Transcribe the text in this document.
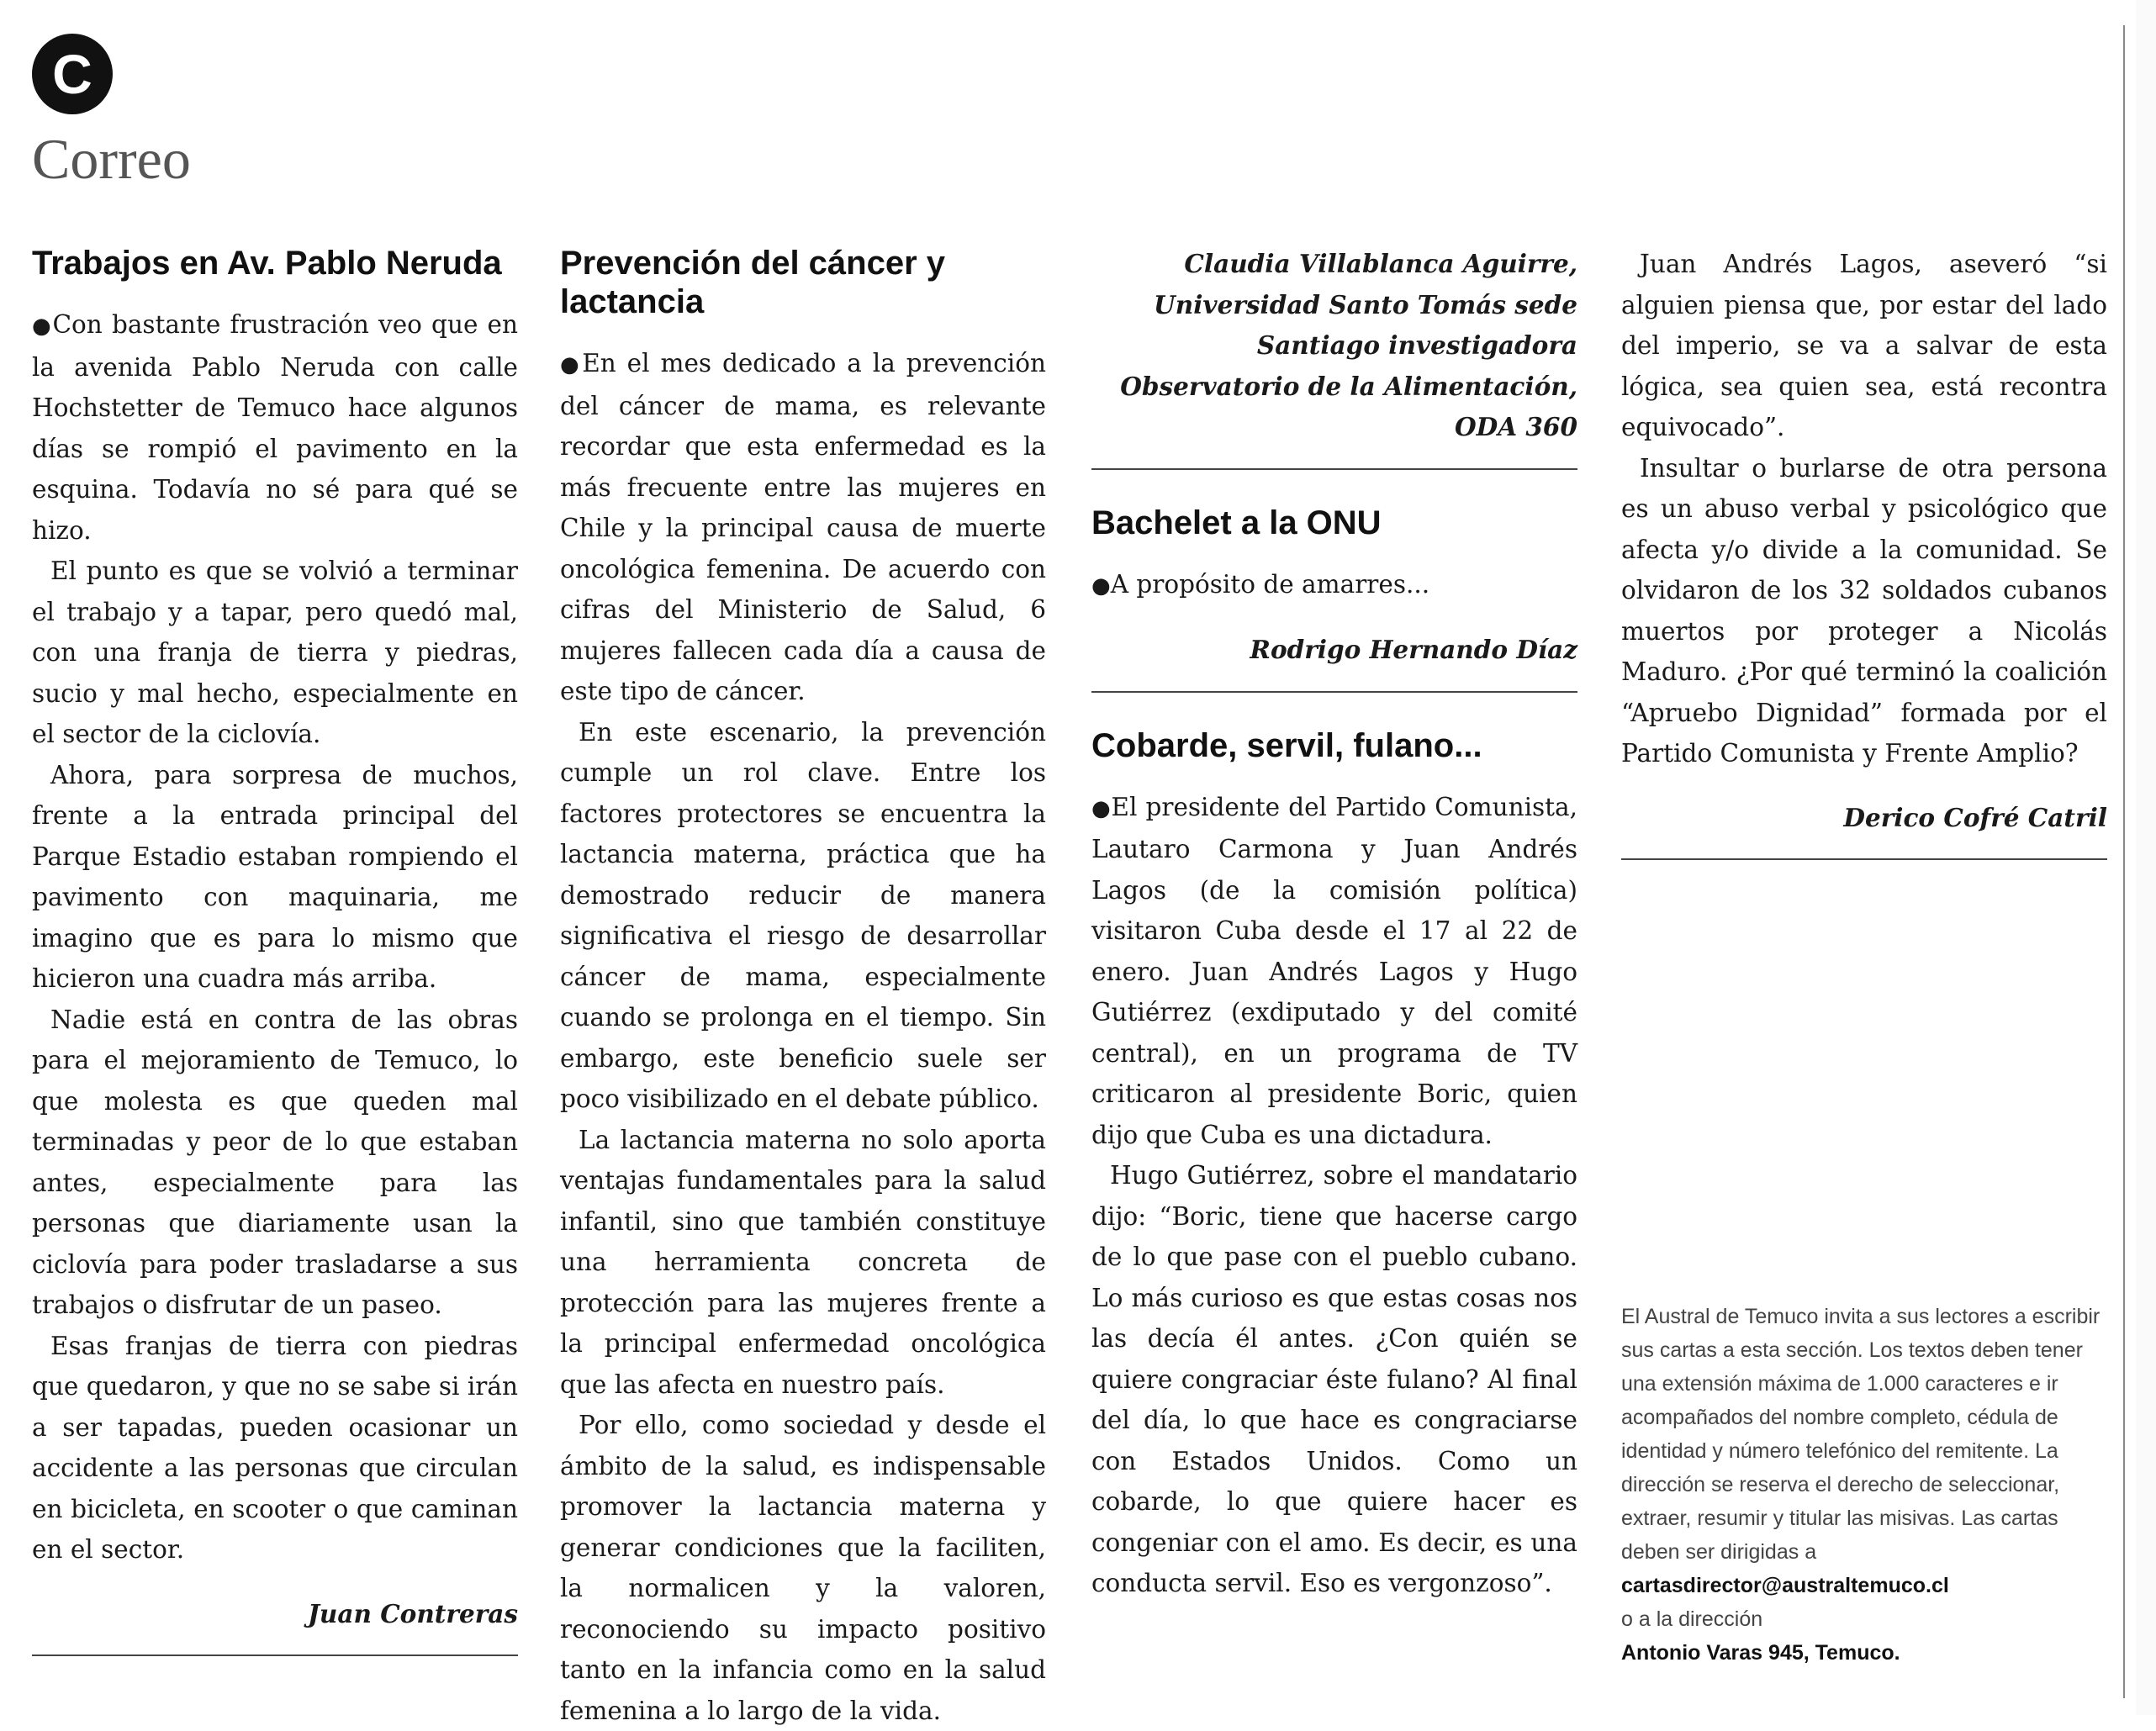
C
Correo
Trabajos en Av. Pablo Neruda

●Con bastante frustración veo que en la avenida Pablo Neruda con calle Hochstetter de Temuco hace algunos días se rompió el pavimento en la esquina. Todavía no sé para qué se hizo.

El punto es que se volvió a terminar el trabajo y a tapar, pero quedó mal, con una franja de tierra y piedras, sucio y mal hecho, especialmente en el sector de la ciclovía.

Ahora, para sorpresa de muchos, frente a la entrada principal del Parque Estadio estaban rompiendo el pavimento con maquinaria, me imagino que es para lo mismo que hicieron una cuadra más arriba.

Nadie está en contra de las obras para el mejoramiento de Temuco, lo que molesta es que queden mal terminadas y peor de lo que estaban antes, especialmente para las personas que diariamente usan la ciclovía para poder trasladarse a sus trabajos o disfrutar de un paseo.

Esas franjas de tierra con piedras que quedaron, y que no se sabe si irán a ser tapadas, pueden ocasionar un accidente a las personas que circulan en bicicleta, en scooter o que caminan en el sector.

Juan Contreras

Prevención del cáncer y lactancia

●En el mes dedicado a la prevención del cáncer de mama, es relevante recordar que esta enfermedad es la más frecuente entre las mujeres en Chile y la principal causa de muerte oncológica femenina. De acuerdo con cifras del Ministerio de Salud, 6 mujeres fallecen cada día a causa de este tipo de cáncer.

En este escenario, la prevención cumple un rol clave. Entre los factores protectores se encuentra la lactancia materna, práctica que ha demostrado reducir de manera significativa el riesgo de desarrollar cáncer de mama, especialmente cuando se prolonga en el tiempo. Sin embargo, este beneficio suele ser poco visibilizado en el debate público.

La lactancia materna no solo aporta ventajas fundamentales para la salud infantil, sino que también constituye una herramienta concreta de protección para las mujeres frente a la principal enfermedad oncológica que las afecta en nuestro país.

Por ello, como sociedad y desde el ámbito de la salud, es indispensable promover la lactancia materna y generar condiciones que la faciliten, la normalicen y la valoren, reconociendo su impacto positivo tanto en la infancia como en la salud femenina a lo largo de la vida.

Claudia Villablanca Aguirre, Universidad Santo Tomás sede Santiago investigadora Observatorio de la Alimentación, ODA 360

Bachelet a la ONU

●A propósito de amarres...

Rodrigo Hernando Díaz

Cobarde, servil, fulano...

●El presidente del Partido Comunista, Lautaro Carmona y Juan Andrés Lagos (de la comisión política) visitaron Cuba desde el 17 al 22 de enero. Juan Andrés Lagos y Hugo Gutiérrez (exdiputado y del comité central), en un programa de TV criticaron al presidente Boric, quien dijo que Cuba es una dictadura.

Hugo Gutiérrez, sobre el mandatario dijo: “Boric, tiene que hacerse cargo de lo que pase con el pueblo cubano. Lo más curioso es que estas cosas nos las decía él antes. ¿Con quién se quiere congraciar éste fulano? Al final del día, lo que hace es congraciarse con Estados Unidos. Como un cobarde, lo que quiere hacer es congeniar con el amo. Es decir, es una conducta servil. Eso es vergonzoso”.

Juan Andrés Lagos, aseveró “si alguien piensa que, por estar del lado del imperio, se va a salvar de esta lógica, sea quien sea, está recontra equivocado”.

Insultar o burlarse de otra persona es un abuso verbal y psicológico que afecta y/o divide a la comunidad. Se olvidaron de los 32 soldados cubanos muertos por proteger a Nicolás Maduro. ¿Por qué terminó la coalición “Apruebo Dignidad” formada por el Partido Comunista y Frente Amplio?

Derico Cofré Catril

El Austral de Temuco invita a sus lectores a escribir sus cartas a esta sección. Los textos deben tener una extensión máxima de 1.000 caracteres e ir acompañados del nombre completo, cédula de identidad y número telefónico del remitente. La dirección se reserva el derecho de seleccionar, extraer, resumir y titular las misivas. Las cartas deben ser dirigidas a
cartasdirector@australtemuco.cl
o a la dirección
Antonio Varas 945, Temuco.
